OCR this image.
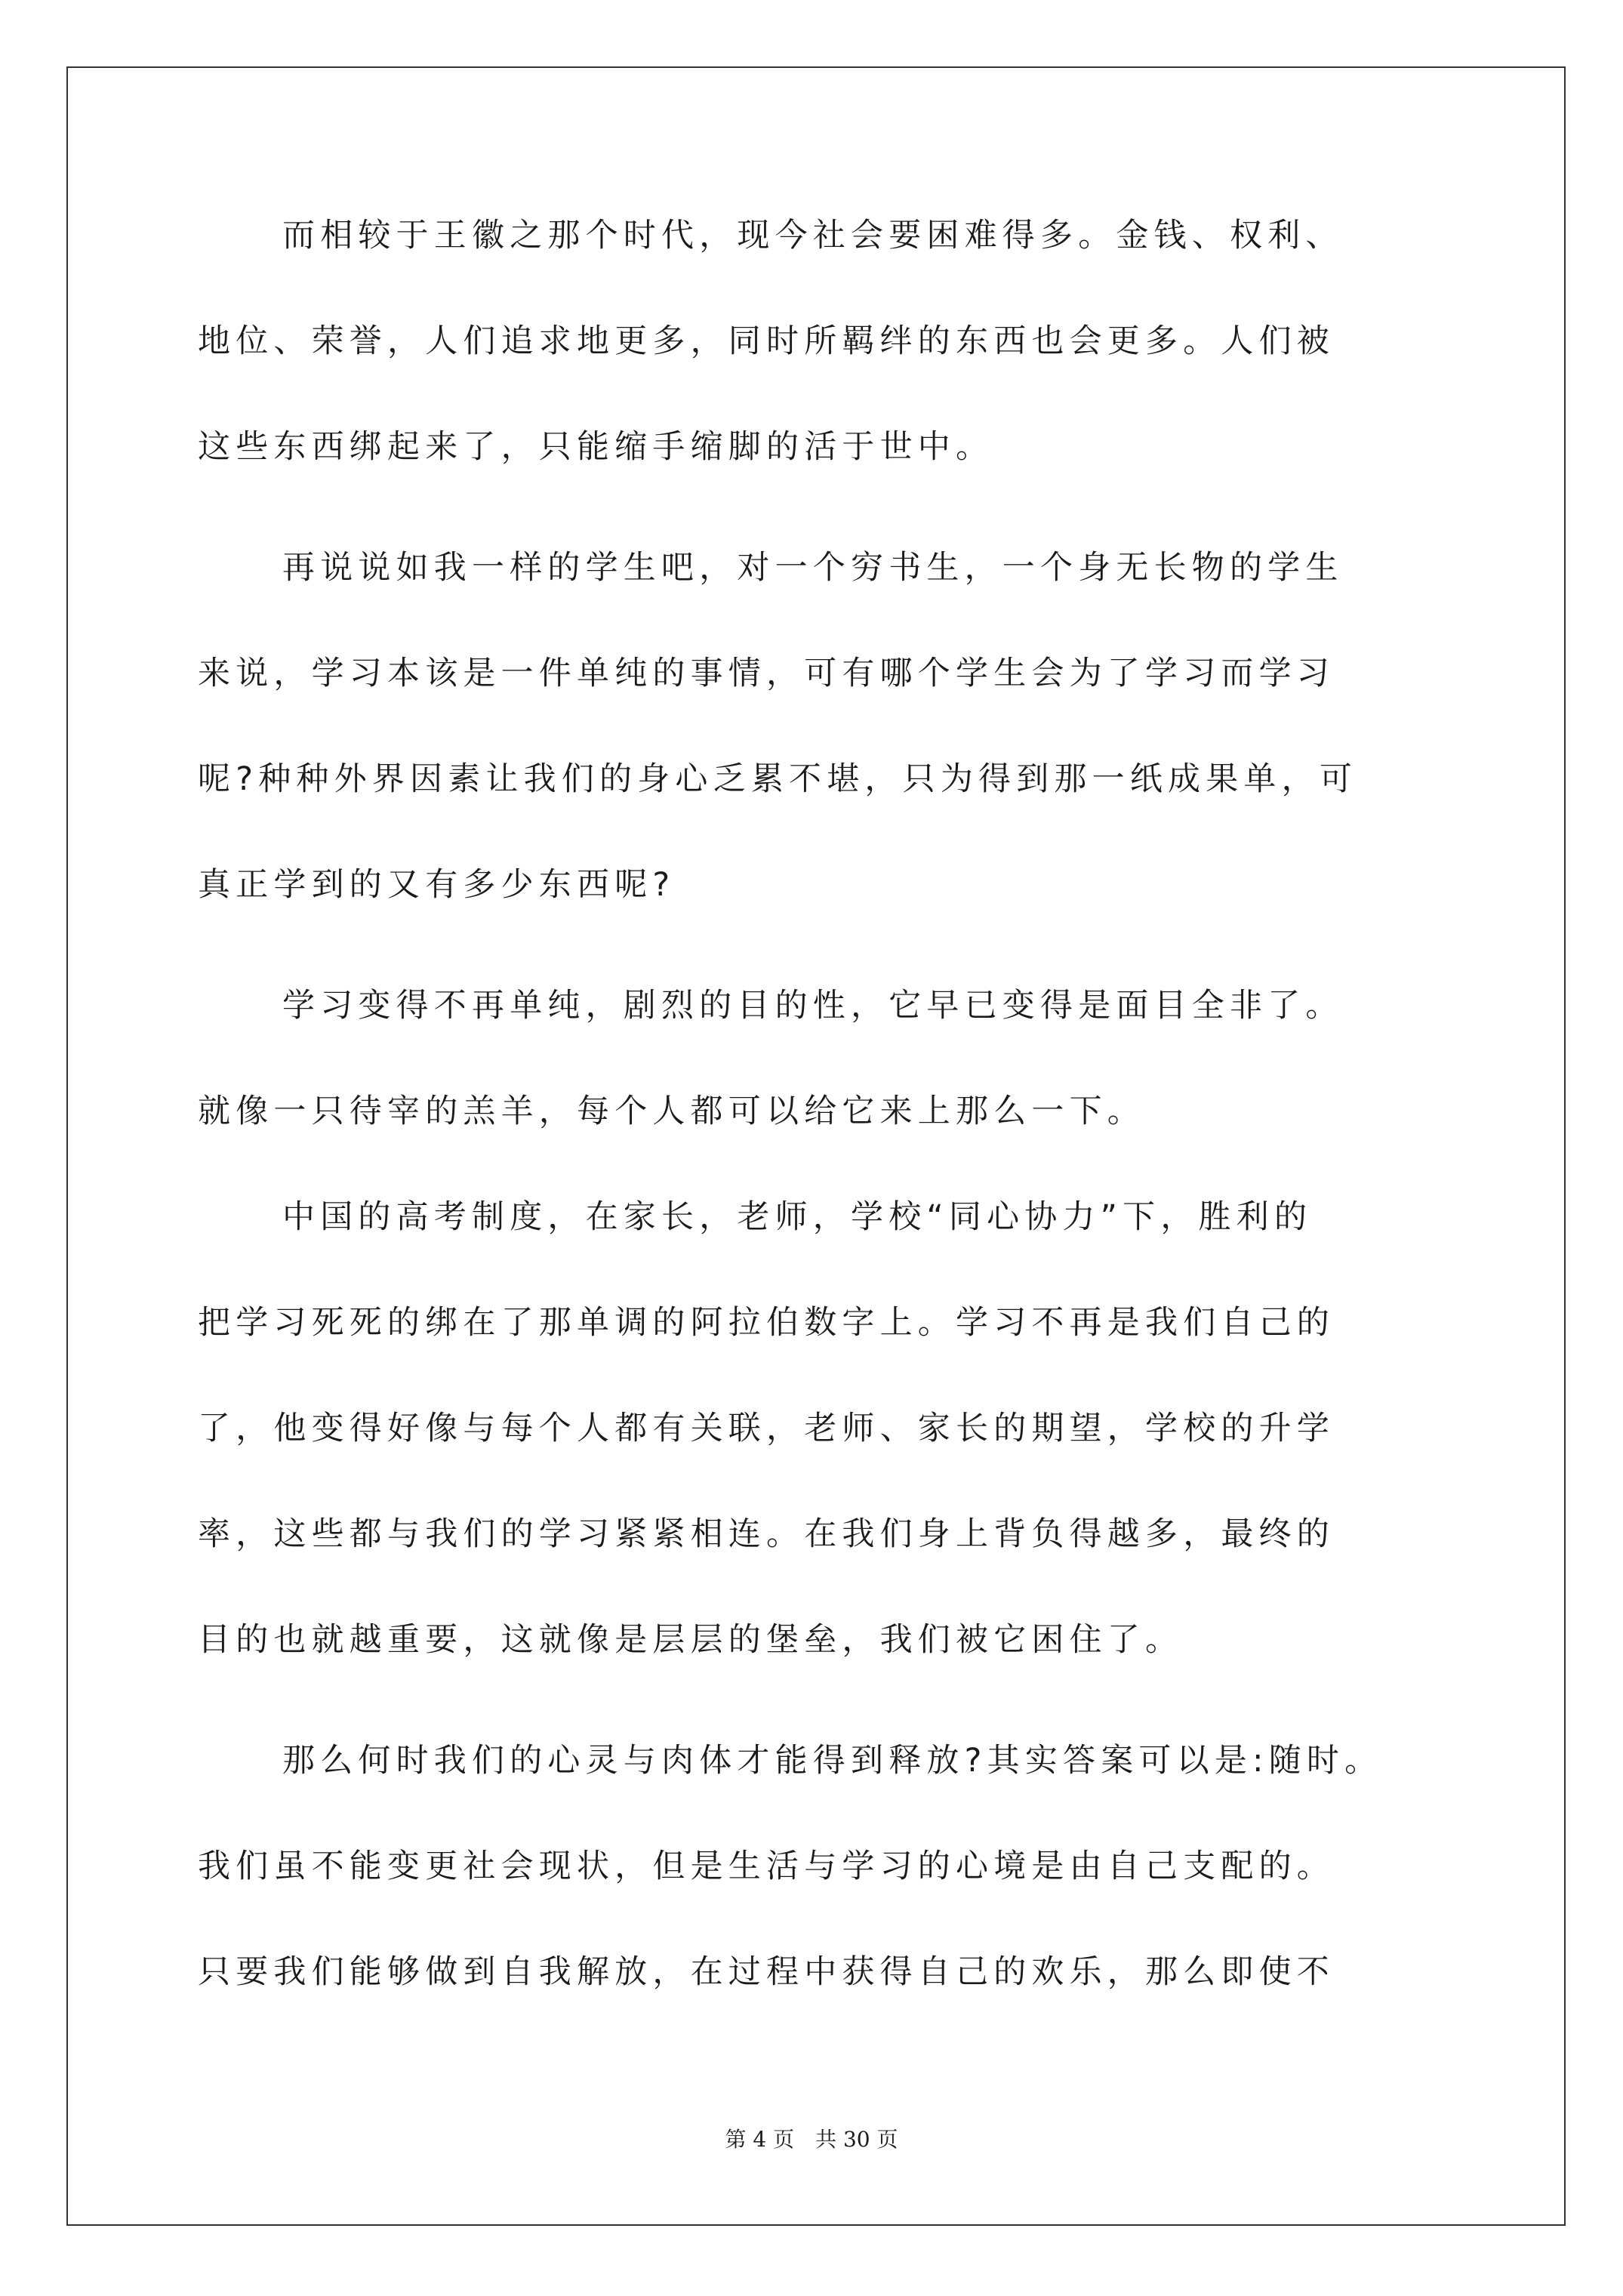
而相较于王徽之那个时代，现今社会要困难得多。金钱、权利、
地位、荣誉，人们追求地更多，同时所羁绊的东西也会更多。人们被
这些东西绑起来了，只能缩手缩脚的活于世中。
再说说如我一样的学生吧，对一个穷书生，一个身无长物的学生
来说，学习本该是一件单纯的事情，可有哪个学生会为了学习而学习
呢?种种外界因素让我们的身心乏累不堪，只为得到那一纸成果单，可
真正学到的又有多少东西呢?
学习变得不再单纯，剧烈的目的性，它早已变得是面目全非了。
就像一只待宰的羔羊，每个人都可以给它来上那么一下。
中国的高考制度，在家长，老师，学校“同心协力”下，胜利的
把学习死死的绑在了那单调的阿拉伯数字上。学习不再是我们自己的
了，他变得好像与每个人都有关联，老师、家长的期望，学校的升学
率，这些都与我们的学习紧紧相连。在我们身上背负得越多，最终的
目的也就越重要，这就像是层层的堡垒，我们被它困住了。
那么何时我们的心灵与肉体才能得到释放?其实答案可以是:随时。
我们虽不能变更社会现状，但是生活与学习的心境是由自己支配的。
只要我们能够做到自我解放，在过程中获得自己的欢乐，那么即使不
第 4 页　共 30 页
